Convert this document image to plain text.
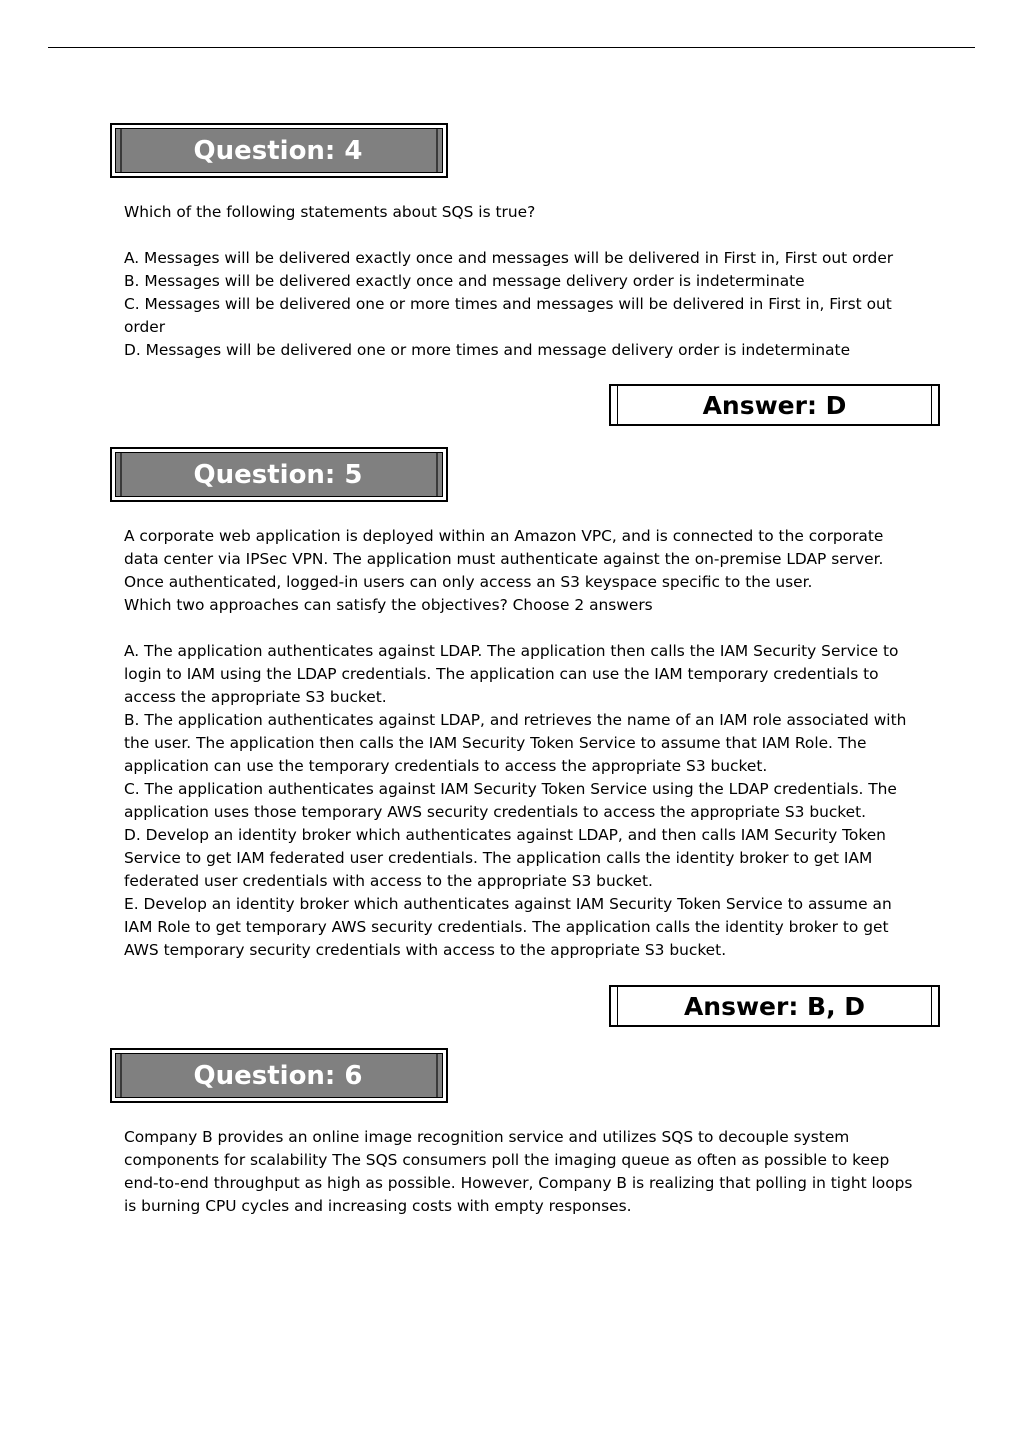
Question: 4

Which of the following statements about SQS is true?

A. Messages will be delivered exactly once and messages will be delivered in First in, First out order

B. Messages will be delivered exactly once and message delivery order is indeterminate

C. Messages will be delivered one or more times and messages will be delivered in First in, First out order

D. Messages will be delivered one or more times and message delivery order is indeterminate

Answer: D
Question: 5

A corporate web application is deployed within an Amazon VPC, and is connected to the corporate data center via IPSec VPN. The application must authenticate against the on-premise LDAP server. Once authenticated, logged-in users can only access an S3 keyspace specific to the user.

Which two approaches can satisfy the objectives? Choose 2 answers

A. The application authenticates against LDAP. The application then calls the IAM Security Service to login to IAM using the LDAP credentials. The application can use the IAM temporary credentials to access the appropriate S3 bucket.

B. The application authenticates against LDAP, and retrieves the name of an IAM role associated with the user. The application then calls the IAM Security Token Service to assume that IAM Role. The application can use the temporary credentials to access the appropriate S3 bucket.

C. The application authenticates against IAM Security Token Service using the LDAP credentials. The application uses those temporary AWS security credentials to access the appropriate S3 bucket.

D. Develop an identity broker which authenticates against LDAP, and then calls IAM Security Token Service to get IAM federated user credentials. The application calls the identity broker to get IAM federated user credentials with access to the appropriate S3 bucket.

E. Develop an identity broker which authenticates against IAM Security Token Service to assume an IAM Role to get temporary AWS security credentials. The application calls the identity broker to get AWS temporary security credentials with access to the appropriate S3 bucket.

Answer: B, D
Question: 6

Company B provides an online image recognition service and utilizes SQS to decouple system components for scalability The SQS consumers poll the imaging queue as often as possible to keep end-to-end throughput as high as possible. However, Company B is realizing that polling in tight loops is burning CPU cycles and increasing costs with empty responses.
